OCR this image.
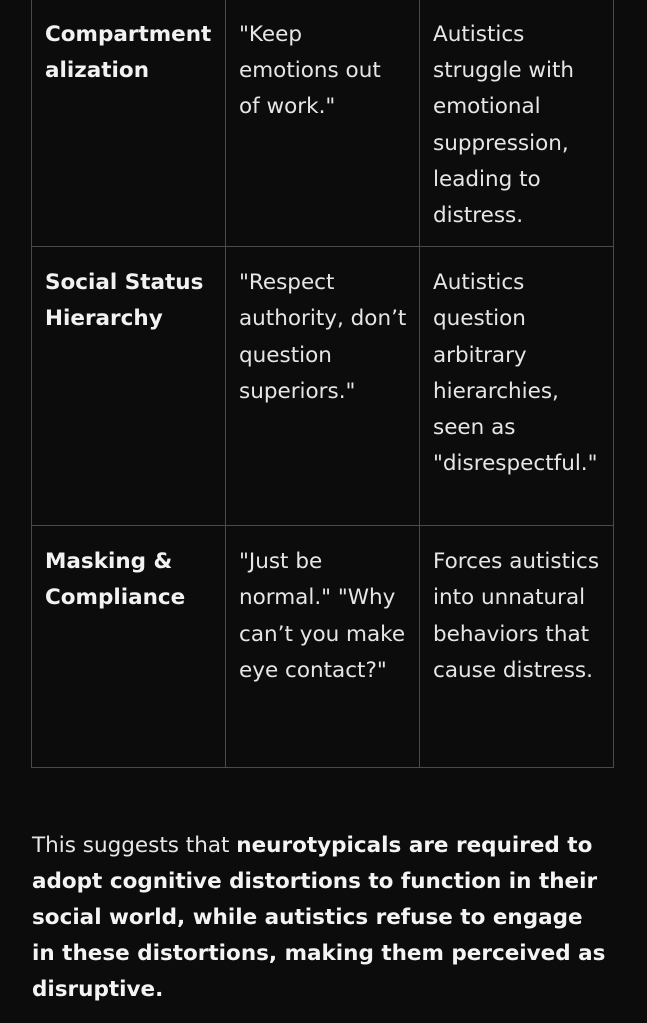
Compartmentalization	"Keep emotions out of work."	Autistics struggle with emotional suppression, leading to distress.
Social Status Hierarchy	"Respect authority, don’t question superiors."	Autistics question arbitrary hierarchies, seen as "disrespectful."
Masking & Compliance	"Just be normal." "Why can’t you make eye contact?"	Forces autistics into unnatural behaviors that cause distress.

This suggests that neurotypicals are required to adopt cognitive distortions to function in their social world, while autistics refuse to engage in these distortions, making them perceived as disruptive.
